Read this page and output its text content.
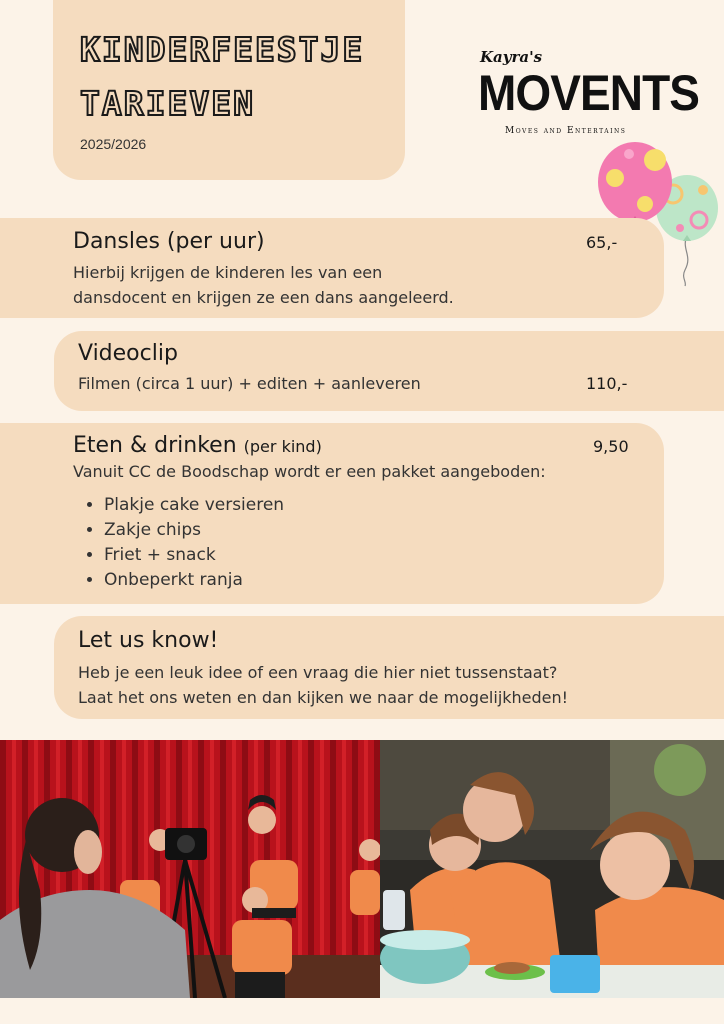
KINDERFEESTJE
TARIEVEN
2025/2026
Kayra's
MOVENTS
Moves and Entertains
Dansles (per uur)	65,-
Hierbij krijgen de kinderen les van een
dansdocent en krijgen ze een dans aangeleerd.
Videoclip
Filmen (circa 1 uur) + editen + aanleveren	110,-
Eten & drinken (per kind)	9,50
Vanuit CC de Boodschap wordt er een pakket aangeboden:
• Plakje cake versieren
• Zakje chips
• Friet + snack
• Onbeperkt ranja
Let us know!
Heb je een leuk idee of een vraag die hier niet tussenstaat?
Laat het ons weten en dan kijken we naar de mogelijkheden!
